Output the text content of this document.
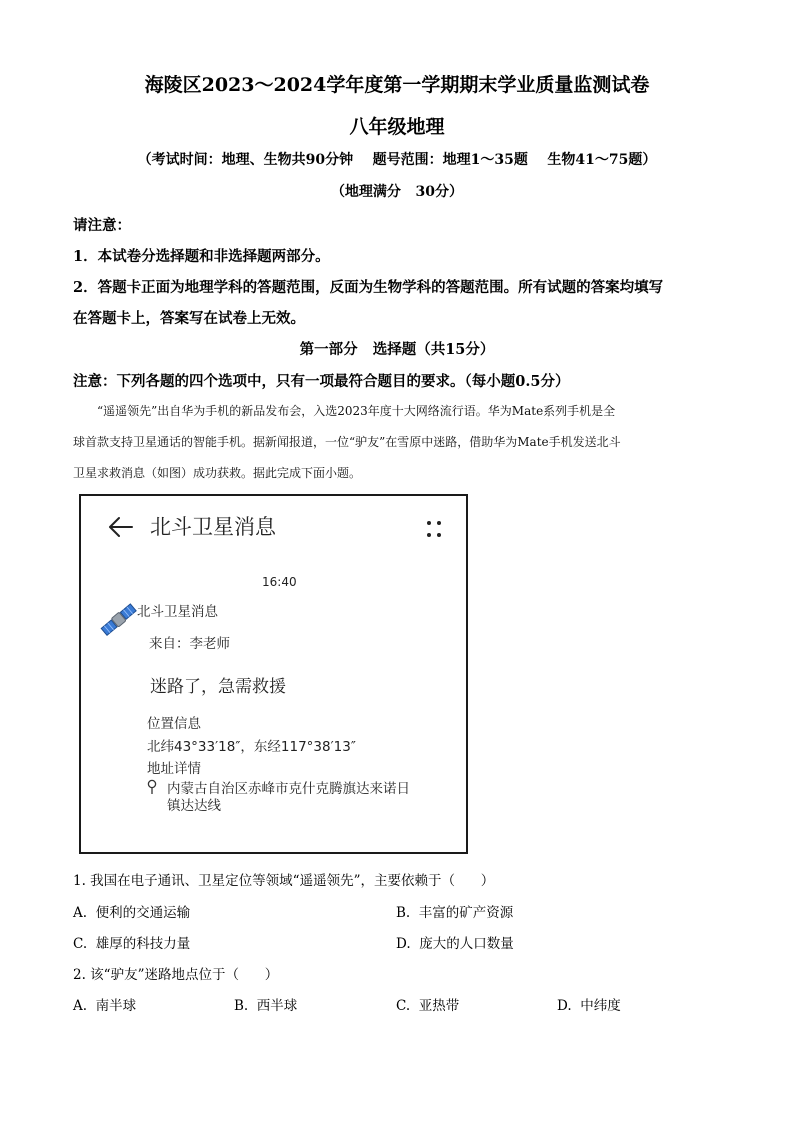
海陵区2023～2024学年度第一学期期末学业质量监测试卷
八年级地理
（考试时间：地理、生物共90分钟    题号范围：地理1～35题    生物41～75题）
（地理满分   30分）
请注意：
1．本试卷分选择题和非选择题两部分。
2．答题卡正面为地理学科的答题范围，反面为生物学科的答题范围。所有试题的答案均填写
在答题卡上，答案写在试卷上无效。
第一部分   选择题（共15分）
注意：下列各题的四个选项中，只有一项最符合题目的要求。（每小题0.5分）
“遥遥领先”出自华为手机的新品发布会，入选2023年度十大网络流行语。华为Mate系列手机是全
球首款支持卫星通话的智能手机。据新闻报道，一位“驴友”在雪原中迷路，借助华为Mate手机发送北斗
卫星求救消息（如图）成功获救。据此完成下面小题。
北斗卫星消息
16:40
北斗卫星消息
来自：李老师
迷路了，急需救援
位置信息
北纬43°33′18″，东经117°38′13″
地址详情
内蒙古自治区赤峰市克什克腾旗达来诺日
镇达达线
1. 我国在电子通讯、卫星定位等领域“遥遥领先”，主要依赖于（      ）
A.  便利的交通运输	B.  丰富的矿产资源
C.  雄厚的科技力量	D.  庞大的人口数量
2. 该“驴友”迷路地点位于（      ）
A.  南半球	B.  西半球	C.  亚热带	D.  中纬度
